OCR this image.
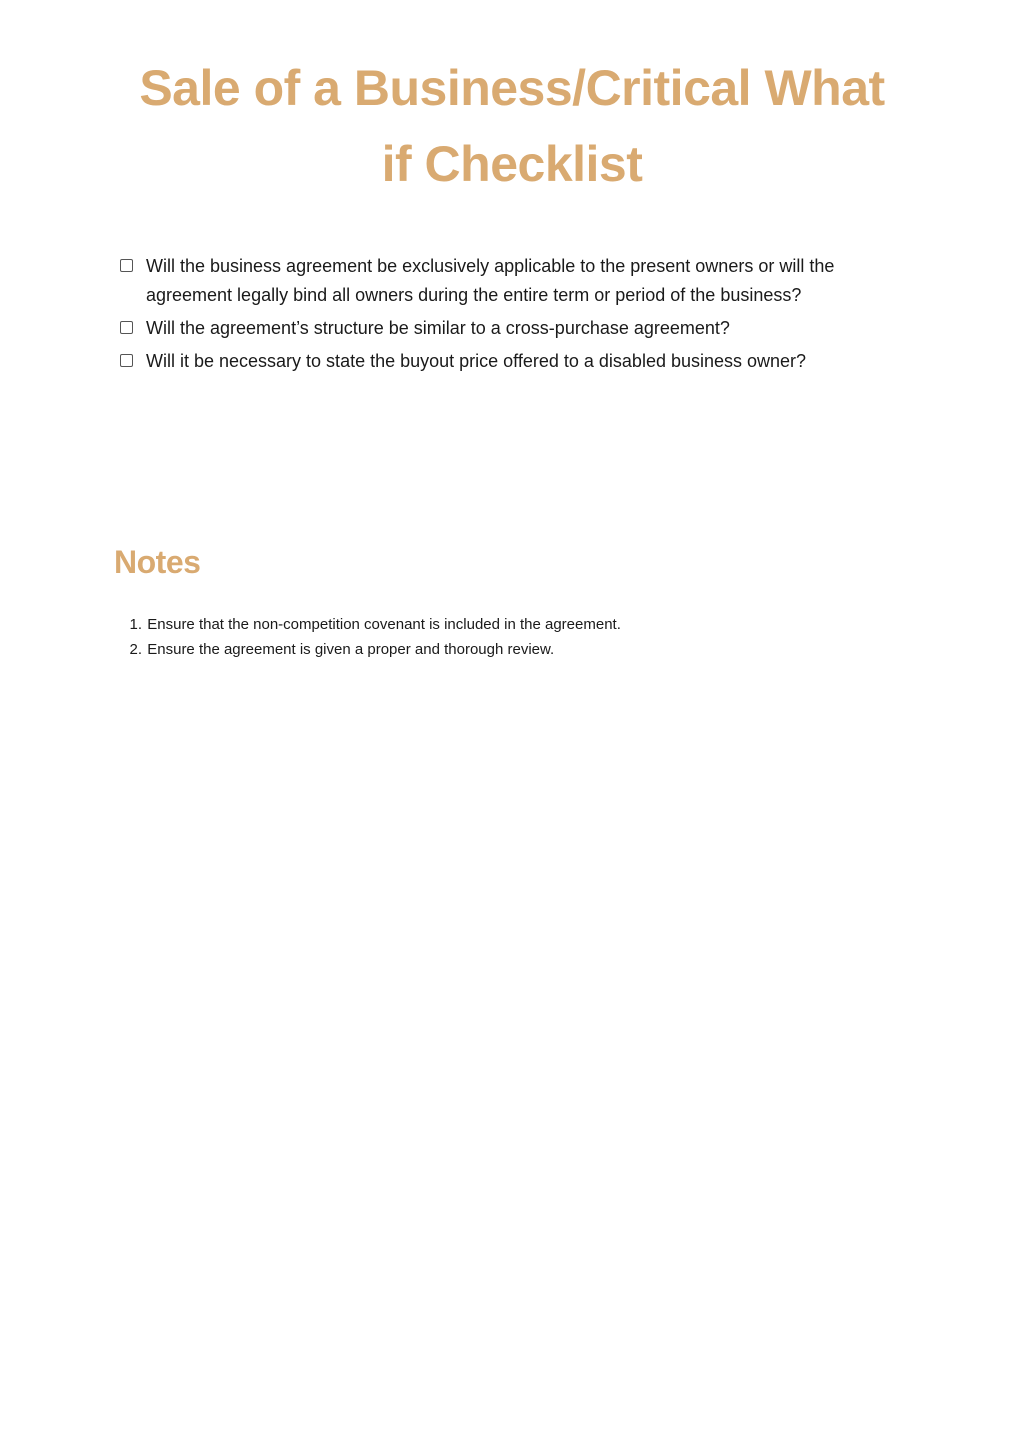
Sale of a Business/Critical What if Checklist
Will the business agreement be exclusively applicable to the present owners or will the agreement legally bind all owners during the entire term or period of the business?
Will the agreement’s structure be similar to a cross-purchase agreement?
Will it be necessary to state the buyout price offered to a disabled business owner?
Notes
1. Ensure that the non-competition covenant is included in the agreement.
2. Ensure the agreement is given a proper and thorough review.
